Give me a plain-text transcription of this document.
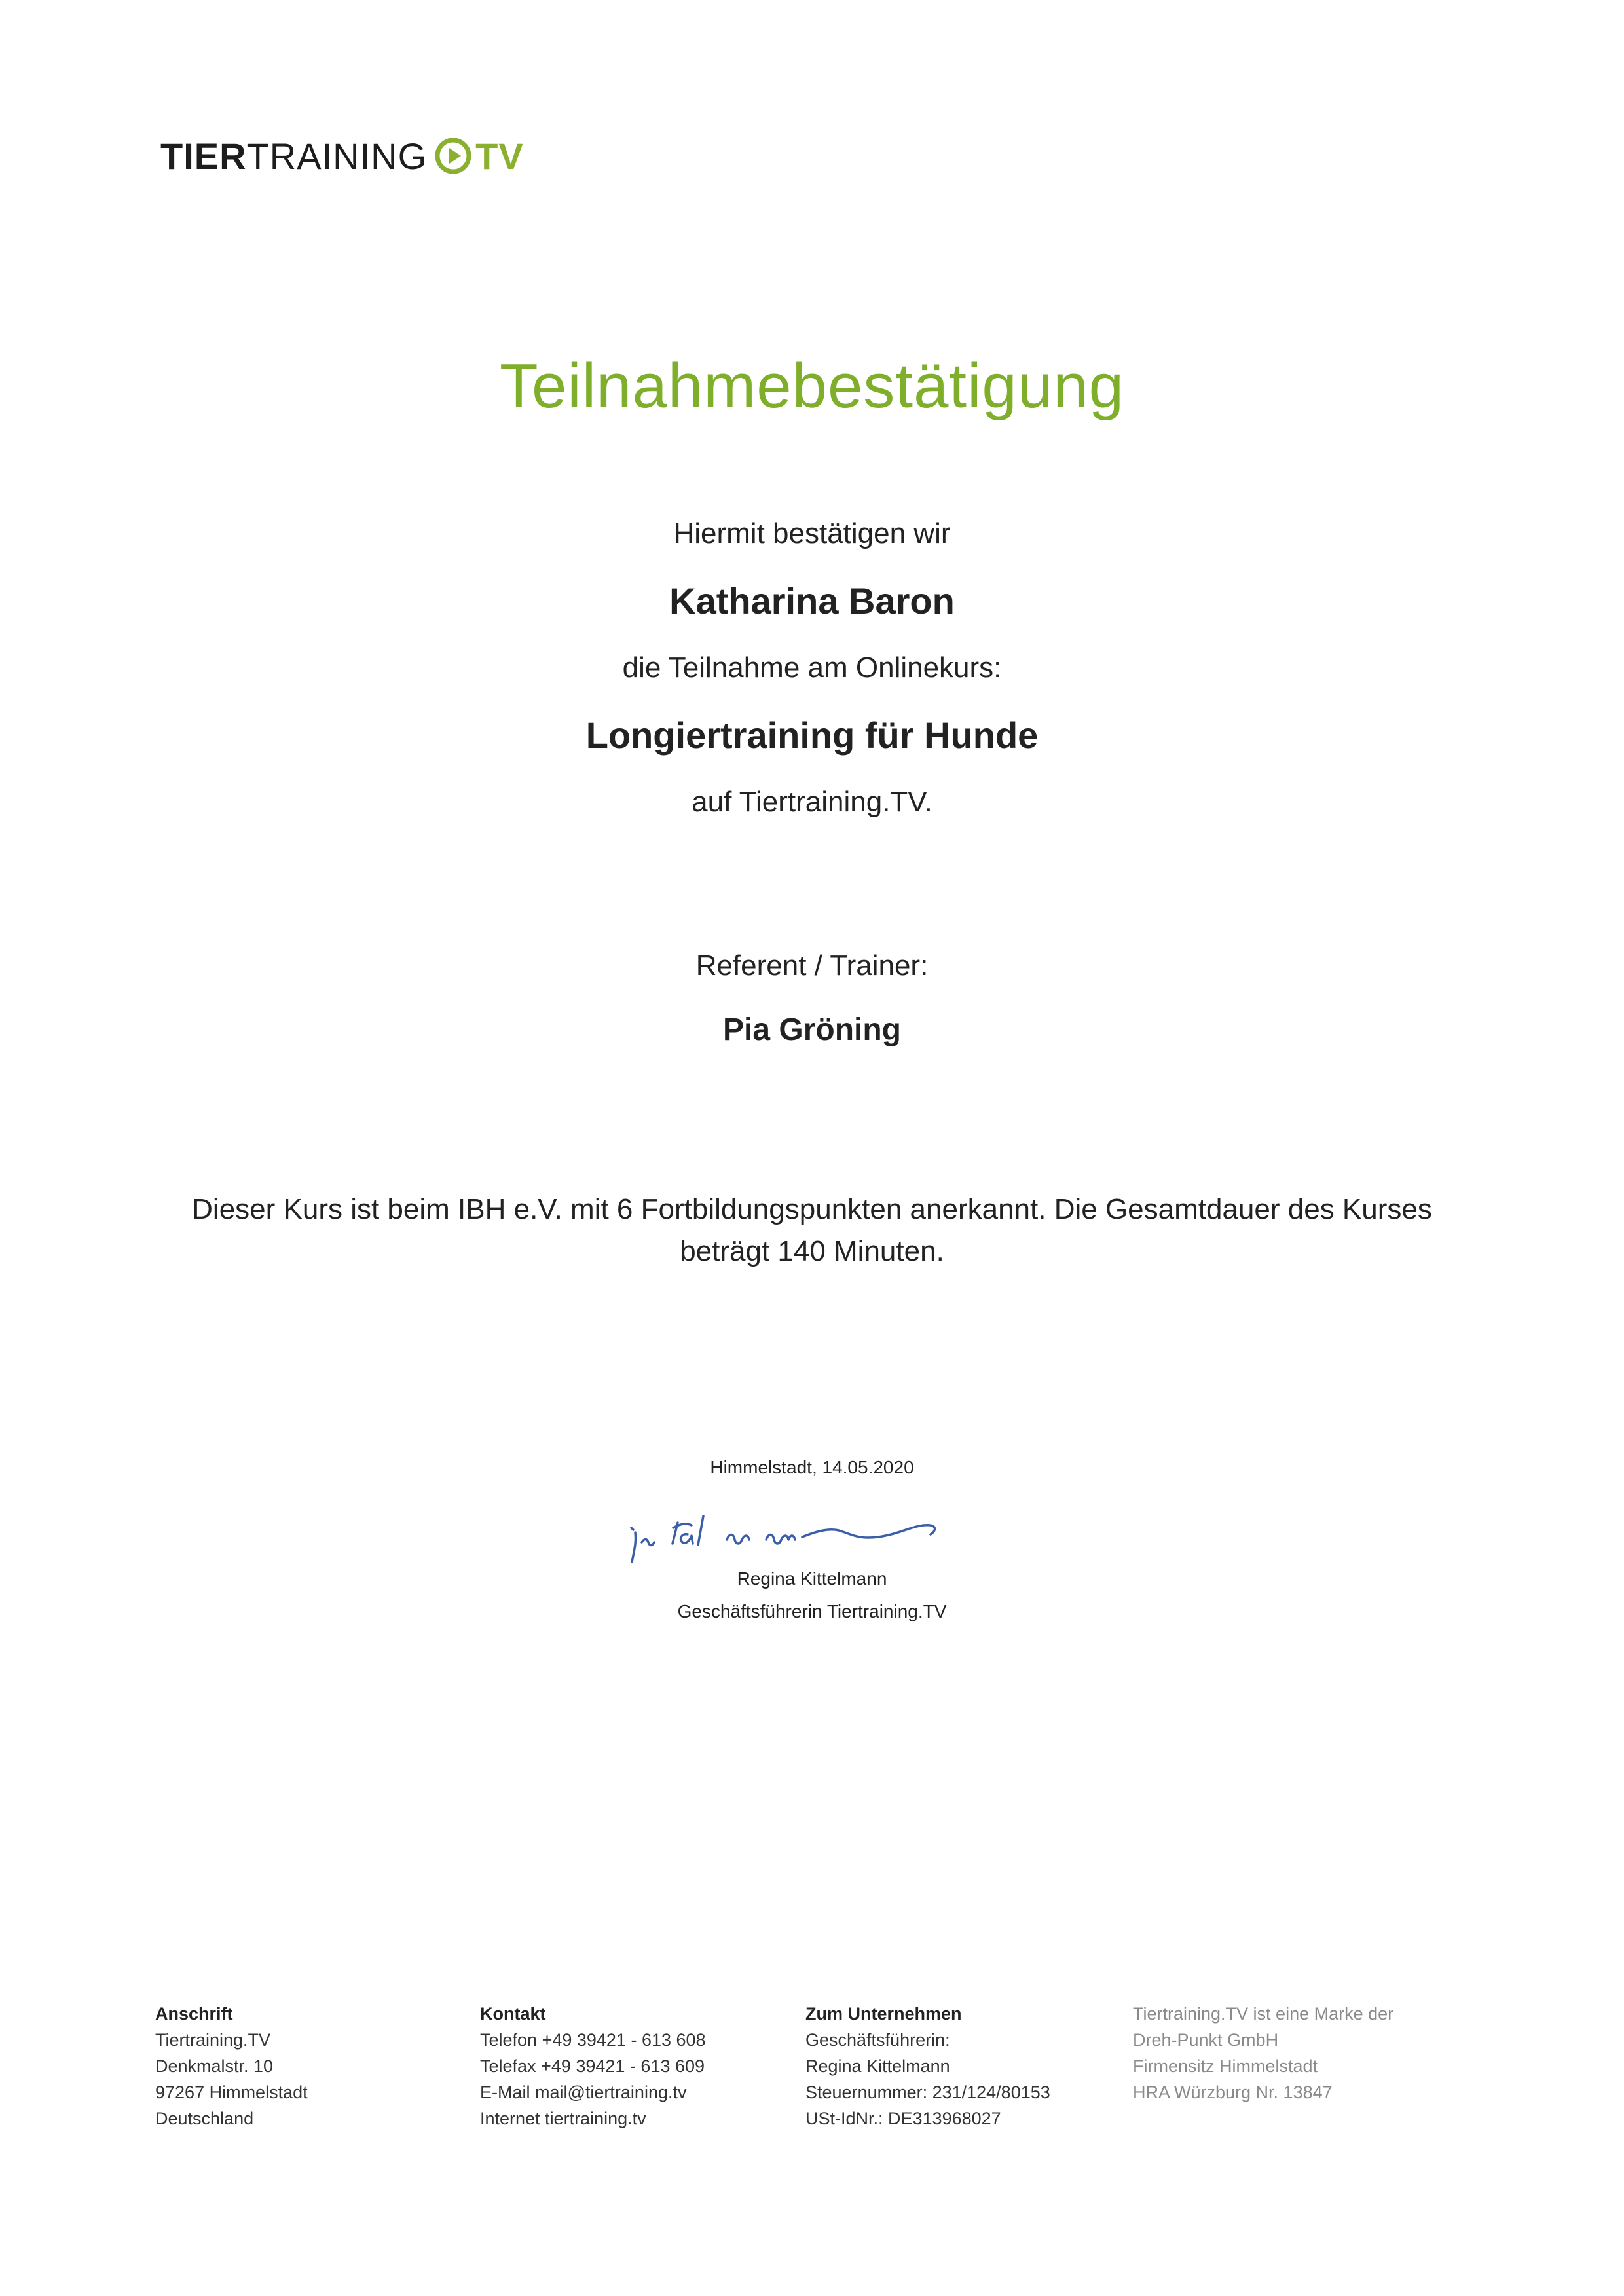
TIER TRAINING TV
Teilnahmebestätigung
Hiermit bestätigen wir
Katharina Baron
die Teilnahme am Onlinekurs:
Longiertraining für Hunde
auf Tiertraining.TV.
Referent / Trainer:
Pia Gröning
Dieser Kurs ist beim IBH e.V. mit 6 Fortbildungspunkten anerkannt. Die Gesamtdauer des Kurses
beträgt 140 Minuten.
Himmelstadt, 14.05.2020
Regina Kittelmann
Geschäftsführerin Tiertraining.TV
Anschrift
Tiertraining.TV
Denkmalstr. 10
97267 Himmelstadt
Deutschland
Kontakt
Telefon +49 39421 - 613 608
Telefax +49 39421 - 613 609
E-Mail mail@tiertraining.tv
Internet tiertraining.tv
Zum Unternehmen
Geschäftsführerin:
Regina Kittelmann
Steuernummer: 231/124/80153
USt-IdNr.: DE313968027
Tiertraining.TV ist eine Marke der
Dreh-Punkt GmbH
Firmensitz Himmelstadt
HRA Würzburg Nr. 13847
